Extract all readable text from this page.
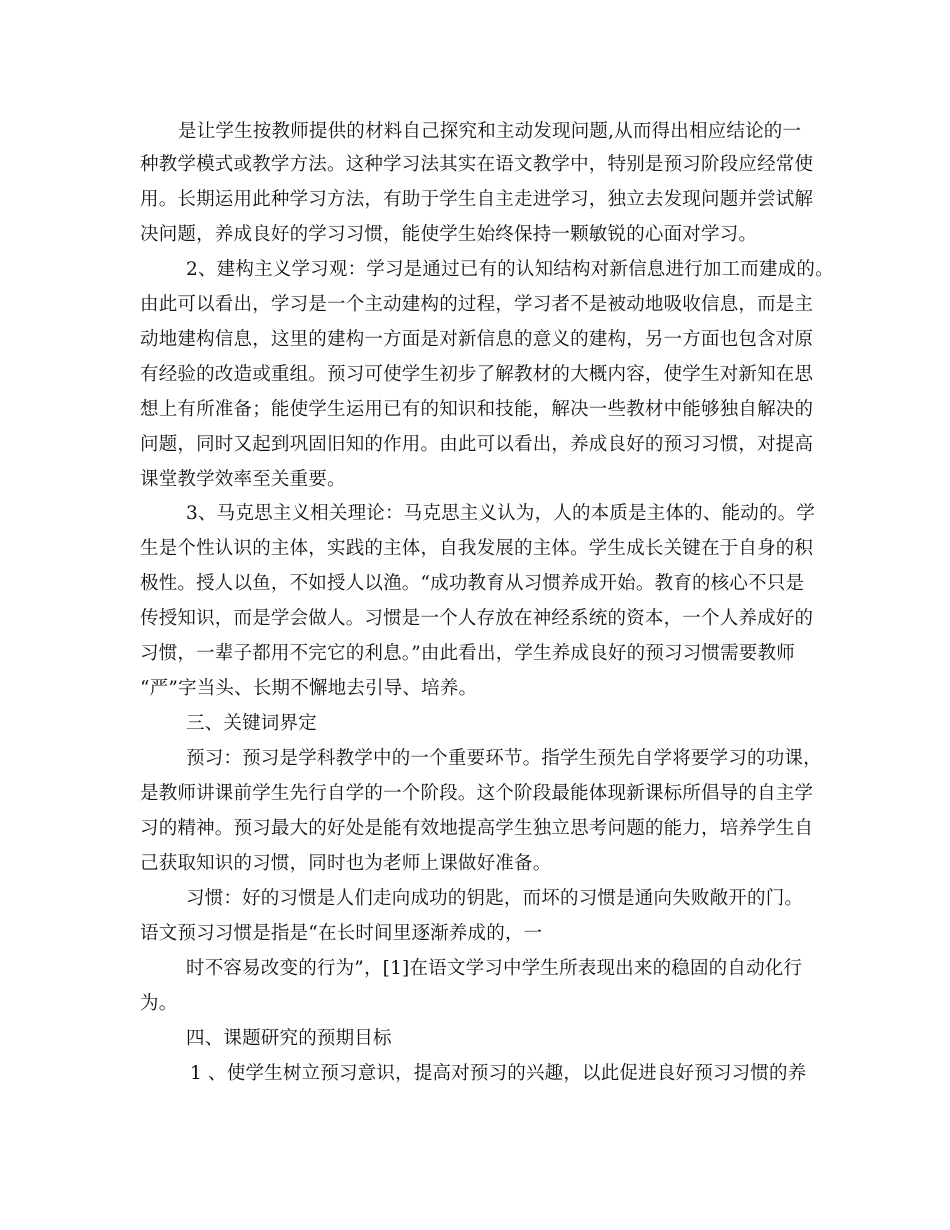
是让学生按教师提供的材料自己探究和主动发现问题,从而得出相应结论的一
种教学模式或教学方法。这种学习法其实在语文教学中，特别是预习阶段应经常使
用。长期运用此种学习方法，有助于学生自主走进学习，独立去发现问题并尝试解
决问题，养成良好的学习习惯，能使学生始终保持一颗敏锐的心面对学习。
2、建构主义学习观：学习是通过已有的认知结构对新信息进行加工而建成的。
由此可以看出，学习是一个主动建构的过程，学习者不是被动地吸收信息，而是主
动地建构信息，这里的建构一方面是对新信息的意义的建构，另一方面也包含对原
有经验的改造或重组。预习可使学生初步了解教材的大概内容，使学生对新知在思
想上有所准备；能使学生运用已有的知识和技能，解决一些教材中能够独自解决的
问题，同时又起到巩固旧知的作用。由此可以看出，养成良好的预习习惯，对提高
课堂教学效率至关重要。
3、马克思主义相关理论：马克思主义认为，人的本质是主体的、能动的。学
生是个性认识的主体，实践的主体，自我发展的主体。学生成长关键在于自身的积
极性。授人以鱼，不如授人以渔。“成功教育从习惯养成开始。教育的核心不只是
传授知识，而是学会做人。习惯是一个人存放在神经系统的资本，一个人养成好的
习惯，一辈子都用不完它的利息。”由此看出，学生养成良好的预习习惯需要教师
“严”字当头、长期不懈地去引导、培养。
三、关键词界定
预习：预习是学科教学中的一个重要环节。指学生预先自学将要学习的功课，
是教师讲课前学生先行自学的一个阶段。这个阶段最能体现新课标所倡导的自主学
习的精神。预习最大的好处是能有效地提高学生独立思考问题的能力，培养学生自
己获取知识的习惯，同时也为老师上课做好准备。
习惯：好的习惯是人们走向成功的钥匙，而坏的习惯是通向失败敞开的门。
语文预习习惯是指是“在长时间里逐渐养成的，一
时不容易改变的行为”，[1]在语文学习中学生所表现出来的稳固的自动化行
为。
四、课题研究的预期目标
1 、使学生树立预习意识，提高对预习的兴趣，以此促进良好预习习惯的养
